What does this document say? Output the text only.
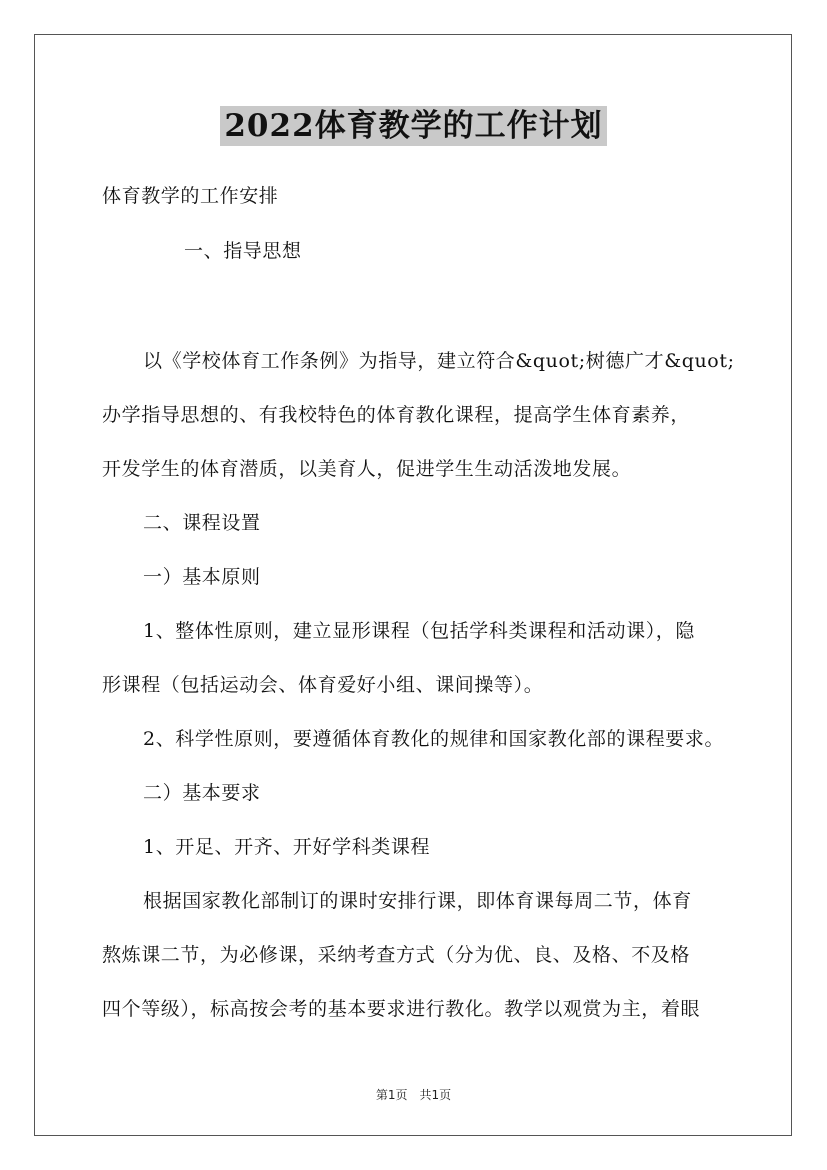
2022体育教学的工作计划
体育教学的工作安排
一、指导思想
以《学校体育工作条例》为指导，建立符合&quot;树德广才&quot;
办学指导思想的、有我校特色的体育教化课程，提高学生体育素养，
开发学生的体育潜质，以美育人，促进学生生动活泼地发展。
二、课程设置
一）基本原则
1、整体性原则，建立显形课程（包括学科类课程和活动课），隐
形课程（包括运动会、体育爱好小组、课间操等）。
2、科学性原则，要遵循体育教化的规律和国家教化部的课程要求。
二）基本要求
1、开足、开齐、开好学科类课程
根据国家教化部制订的课时安排行课，即体育课每周二节，体育
熬炼课二节，为必修课，采纳考查方式（分为优、良、及格、不及格
四个等级），标高按会考的基本要求进行教化。教学以观赏为主，着眼
第1页　共1页
